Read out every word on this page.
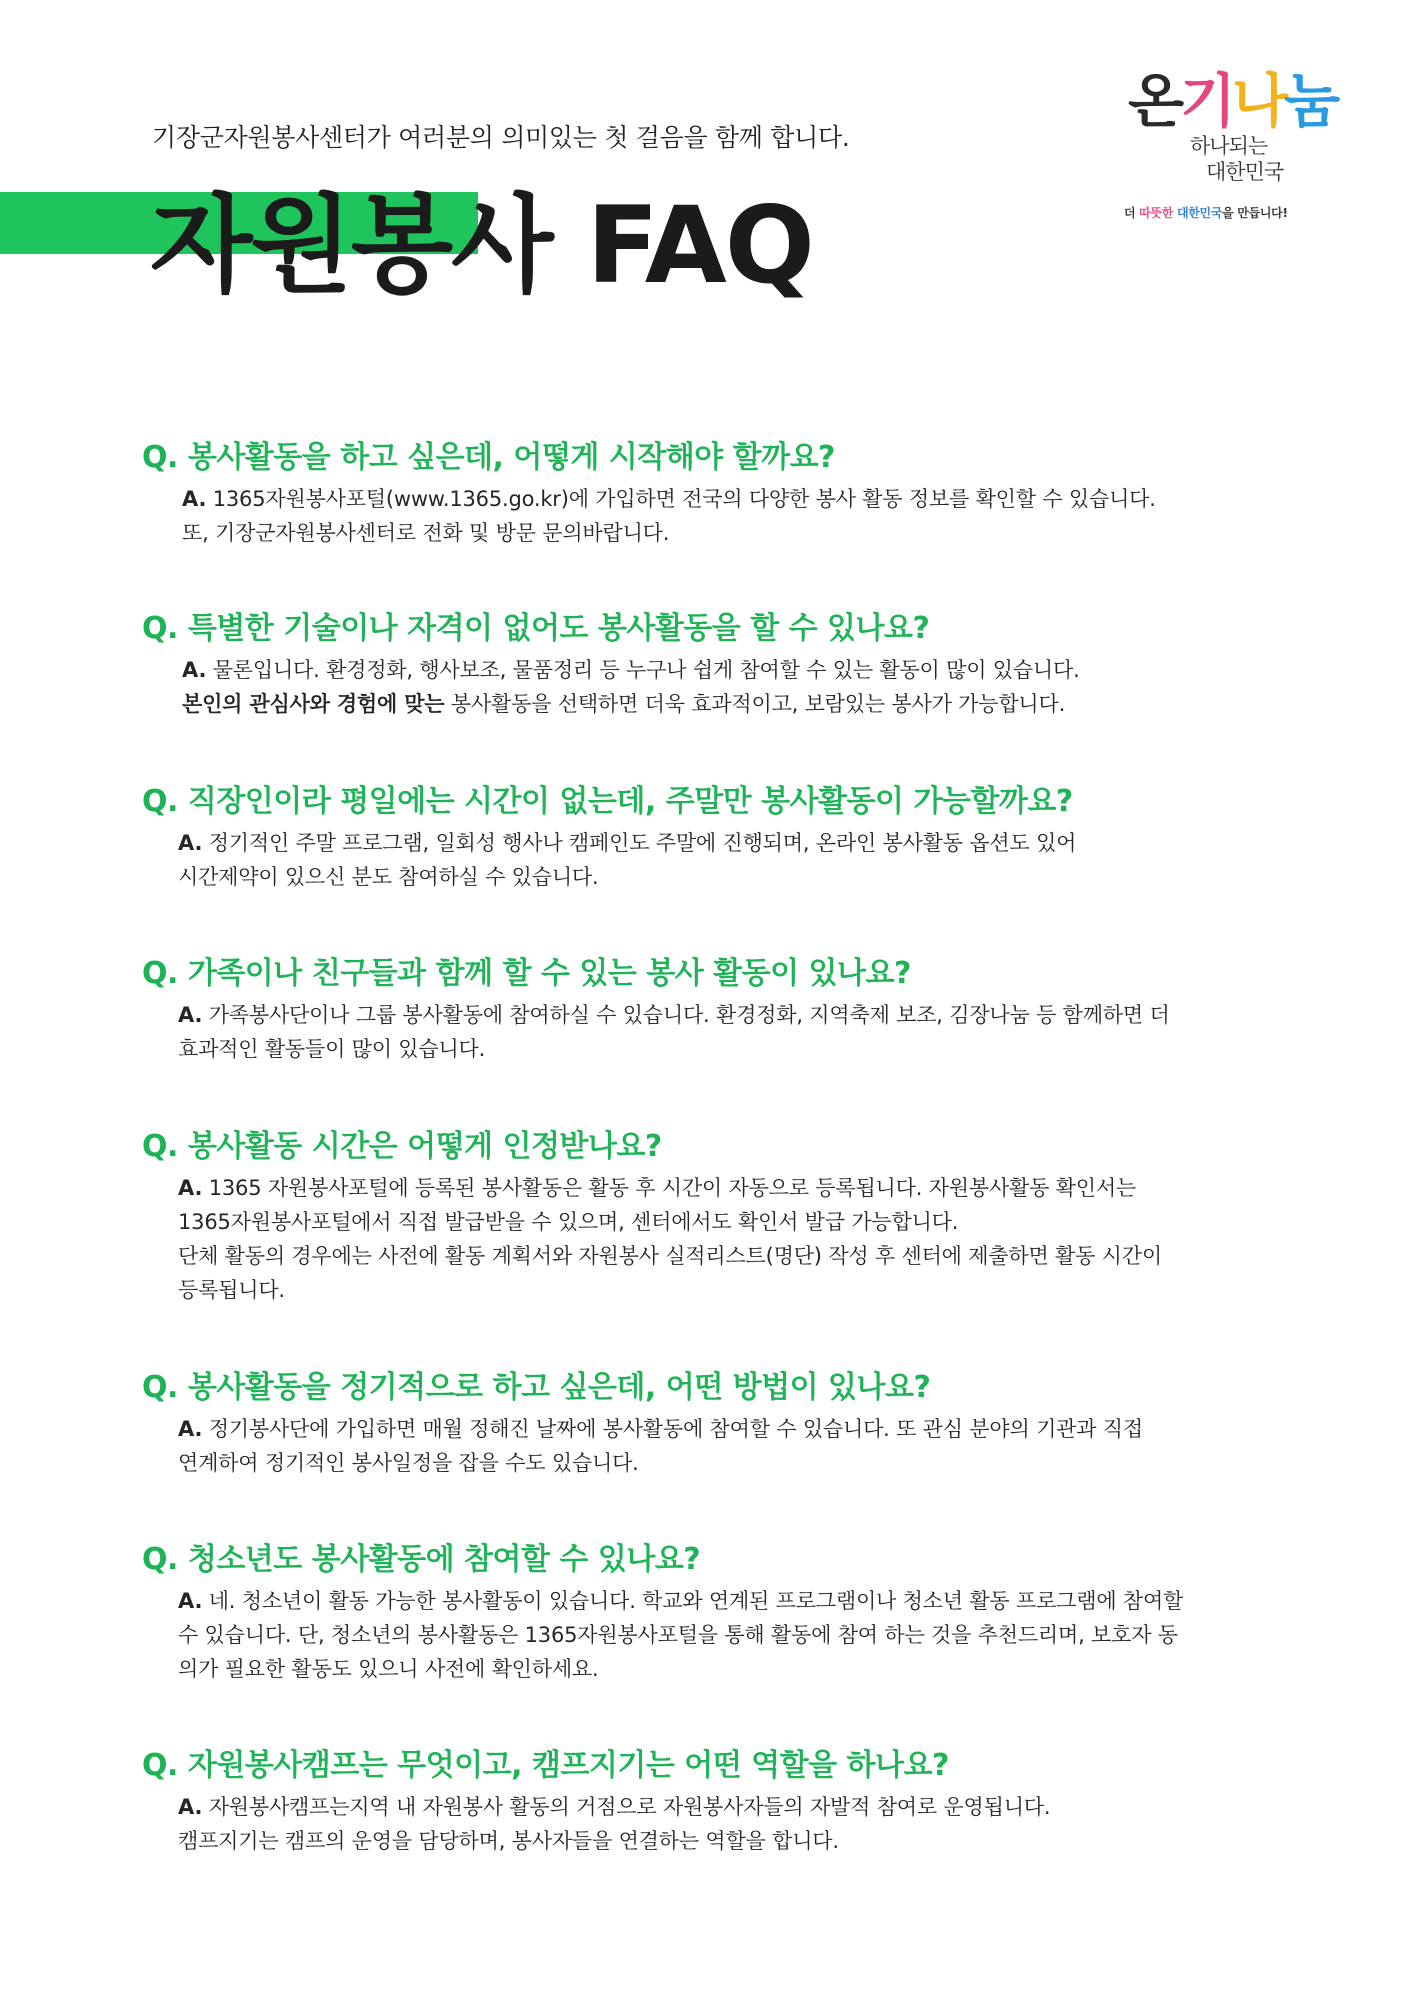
기장군자원봉사센터가 여러분의 의미있는 첫 걸음을 함께 합니다.
자원봉사 FAQ
온기나눔
하나되는
대한민국
더 따뜻한 대한민국을 만듭니다!
Q. 봉사활동을 하고 싶은데, 어떻게 시작해야 할까요?
A. 1365자원봉사포털(www.1365.go.kr)에 가입하면 전국의 다양한 봉사 활동 정보를 확인할 수 있습니다.
또, 기장군자원봉사센터로 전화 및 방문 문의바랍니다.
Q. 특별한 기술이나 자격이 없어도 봉사활동을 할 수 있나요?
A. 물론입니다. 환경정화, 행사보조, 물품정리 등 누구나 쉽게 참여할 수 있는 활동이 많이 있습니다.
본인의 관심사와 경험에 맞는 봉사활동을 선택하면 더욱 효과적이고, 보람있는 봉사가 가능합니다.
Q. 직장인이라 평일에는 시간이 없는데, 주말만 봉사활동이 가능할까요?
A. 정기적인 주말 프로그램, 일회성 행사나 캠페인도 주말에 진행되며, 온라인 봉사활동 옵션도 있어
시간제약이 있으신 분도 참여하실 수 있습니다.
Q. 가족이나 친구들과 함께 할 수 있는 봉사 활동이 있나요?
A. 가족봉사단이나 그룹 봉사활동에 참여하실 수 있습니다. 환경정화, 지역축제 보조, 김장나눔 등 함께하면 더
효과적인 활동들이 많이 있습니다.
Q. 봉사활동 시간은 어떻게 인정받나요?
A. 1365 자원봉사포털에 등록된 봉사활동은 활동 후 시간이 자동으로 등록됩니다. 자원봉사활동 확인서는
1365자원봉사포털에서 직접 발급받을 수 있으며, 센터에서도 확인서 발급 가능합니다.
단체 활동의 경우에는 사전에 활동 계획서와 자원봉사 실적리스트(명단) 작성 후 센터에 제출하면 활동 시간이
등록됩니다.
Q. 봉사활동을 정기적으로 하고 싶은데, 어떤 방법이 있나요?
A. 정기봉사단에 가입하면 매월 정해진 날짜에 봉사활동에 참여할 수 있습니다. 또 관심 분야의 기관과 직접
연계하여 정기적인 봉사일정을 잡을 수도 있습니다.
Q. 청소년도 봉사활동에 참여할 수 있나요?
A. 네. 청소년이 활동 가능한 봉사활동이 있습니다. 학교와 연계된 프로그램이나 청소년 활동 프로그램에 참여할
수 있습니다. 단, 청소년의 봉사활동은 1365자원봉사포털을 통해 활동에 참여 하는 것을 추천드리며, 보호자 동
의가 필요한 활동도 있으니 사전에 확인하세요.
Q. 자원봉사캠프는 무엇이고, 캠프지기는 어떤 역할을 하나요?
A. 자원봉사캠프는지역 내 자원봉사 활동의 거점으로 자원봉사자들의 자발적 참여로 운영됩니다.
캠프지기는 캠프의 운영을 담당하며, 봉사자들을 연결하는 역할을 합니다.
